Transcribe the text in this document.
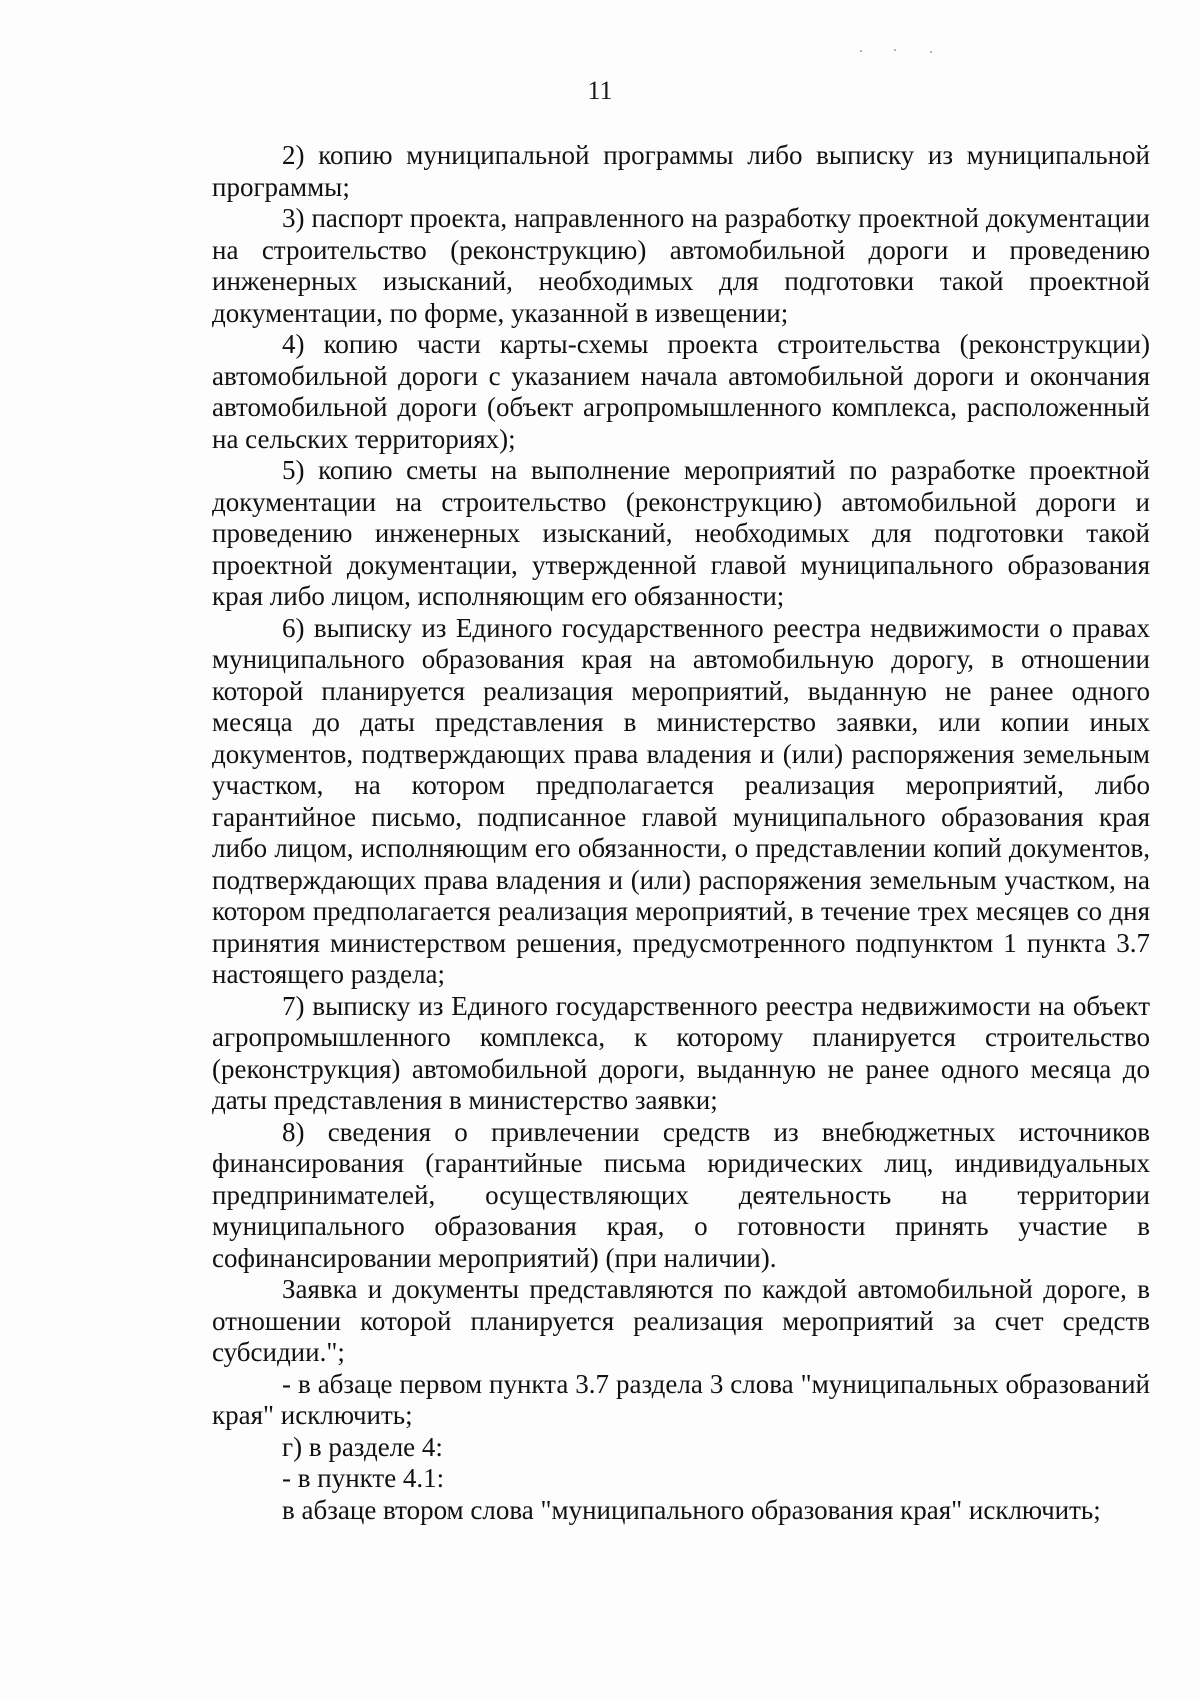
11

2) копию муниципальной программы либо выписку из муниципальной программы;

3) паспорт проекта, направленного на разработку проектной документации на строительство (реконструкцию) автомобильной дороги и проведению инженерных изысканий, необходимых для подготовки такой проектной документации, по форме, указанной в извещении;

4) копию части карты-схемы проекта строительства (реконструкции) автомобильной дороги с указанием начала автомобильной дороги и окончания автомобильной дороги (объект агропромышленного комплекса, расположенный на сельских территориях);

5) копию сметы на выполнение мероприятий по разработке проектной документации на строительство (реконструкцию) автомобильной дороги и проведению инженерных изысканий, необходимых для подготовки такой проектной документации, утвержденной главой муниципального образования края либо лицом, исполняющим его обязанности;

6) выписку из Единого государственного реестра недвижимости о правах муниципального образования края на автомобильную дорогу, в отношении которой планируется реализация мероприятий, выданную не ранее одного месяца до даты представления в министерство заявки, или копии иных документов, подтверждающих права владения и (или) распоряжения земельным участком, на котором предполагается реализация мероприятий, либо гарантийное письмо, подписанное главой муниципального образования края либо лицом, исполняющим его обязанности, о представлении копий документов, подтверждающих права владения и (или) распоряжения земельным участком, на котором предполагается реализация мероприятий, в течение трех месяцев со дня принятия министерством решения, предусмотренного подпунктом 1 пункта 3.7 настоящего раздела;

7) выписку из Единого государственного реестра недвижимости на объект агропромышленного комплекса, к которому планируется строительство (реконструкция) автомобильной дороги, выданную не ранее одного месяца до даты представления в министерство заявки;

8) сведения о привлечении средств из внебюджетных источников финансирования (гарантийные письма юридических лиц, индивидуальных предпринимателей, осуществляющих деятельность на территории муниципального образования края, о готовности принять участие в софинансировании мероприятий) (при наличии).

Заявка и документы представляются по каждой автомобильной дороге, в отношении которой планируется реализация мероприятий за счет средств субсидии.";

- в абзаце первом пункта 3.7 раздела 3 слова "муниципальных образований края" исключить;

г) в разделе 4:

- в пункте 4.1:

в абзаце втором слова "муниципального образования края" исключить;
